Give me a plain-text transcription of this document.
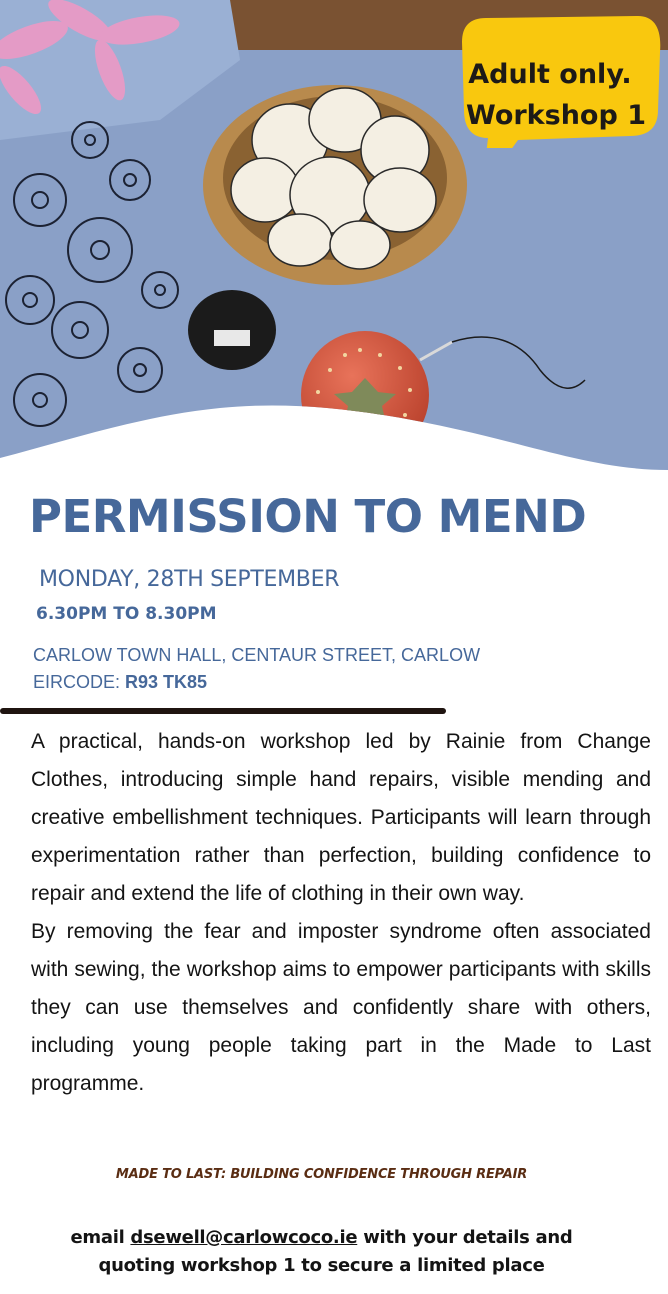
Adult only.
Workshop 1
PERMISSION TO MEND
MONDAY, 28TH SEPTEMBER
6.30PM TO 8.30PM
CARLOW TOWN HALL, CENTAUR STREET, CARLOW
EIRCODE: R93 TK85

A practical, hands-on workshop led by Rainie from Change Clothes, introducing simple hand repairs, visible mending and creative embellishment techniques. Participants will learn through experimentation rather than perfection, building confidence to repair and extend the life of clothing in their own way.

By removing the fear and imposter syndrome often associated with sewing, the workshop aims to empower participants with skills they can use themselves and confidently share with others, including young people taking part in the Made to Last programme.

MADE TO LAST: BUILDING CONFIDENCE THROUGH REPAIR
email dsewell@carlowcoco.ie with your details and
quoting workshop 1 to secure a limited place
